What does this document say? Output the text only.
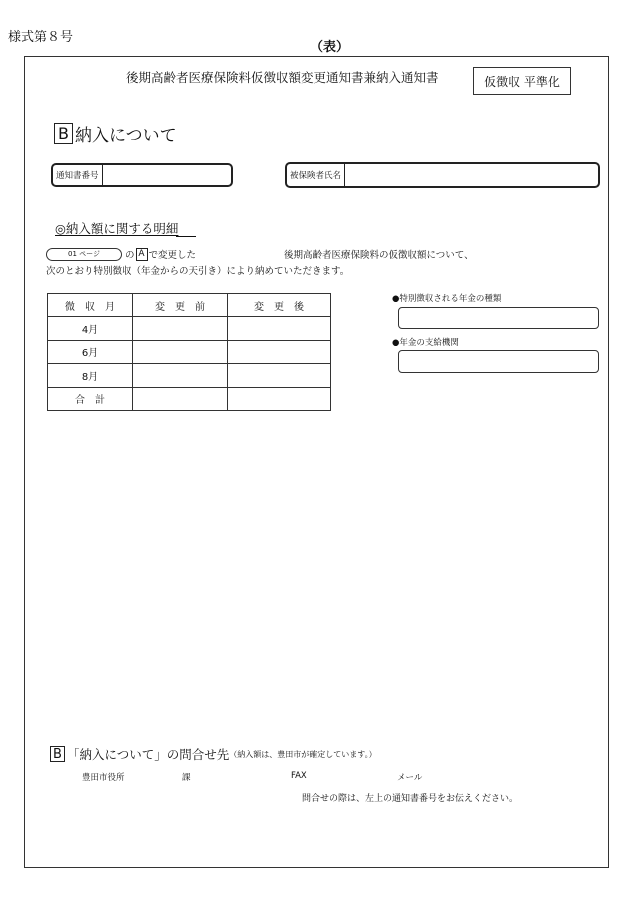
様式第８号
（表）
後期高齢者医療保険料仮徴収額変更通知書兼納入通知書	仮徴収 平準化
B 納入について
通知書番号	被保険者氏名
◎納入額に関する明細
01 ページ	の A で変更した	後期高齢者医療保険料の仮徴収額について、
次のとおり特別徴収（年金からの天引き）により納めていただきます。
微　収　月	変　更　前	変　更　後
4月		
6月		
8月		
合　計		
●特別徴収される年金の種類
●年金の支給機関
B 「納入について」の問合せ先 （納入額は、豊田市が確定しています。）
豊田市役所	課	FAX	メール
問合せの際は、左上の通知書番号をお伝えください。
